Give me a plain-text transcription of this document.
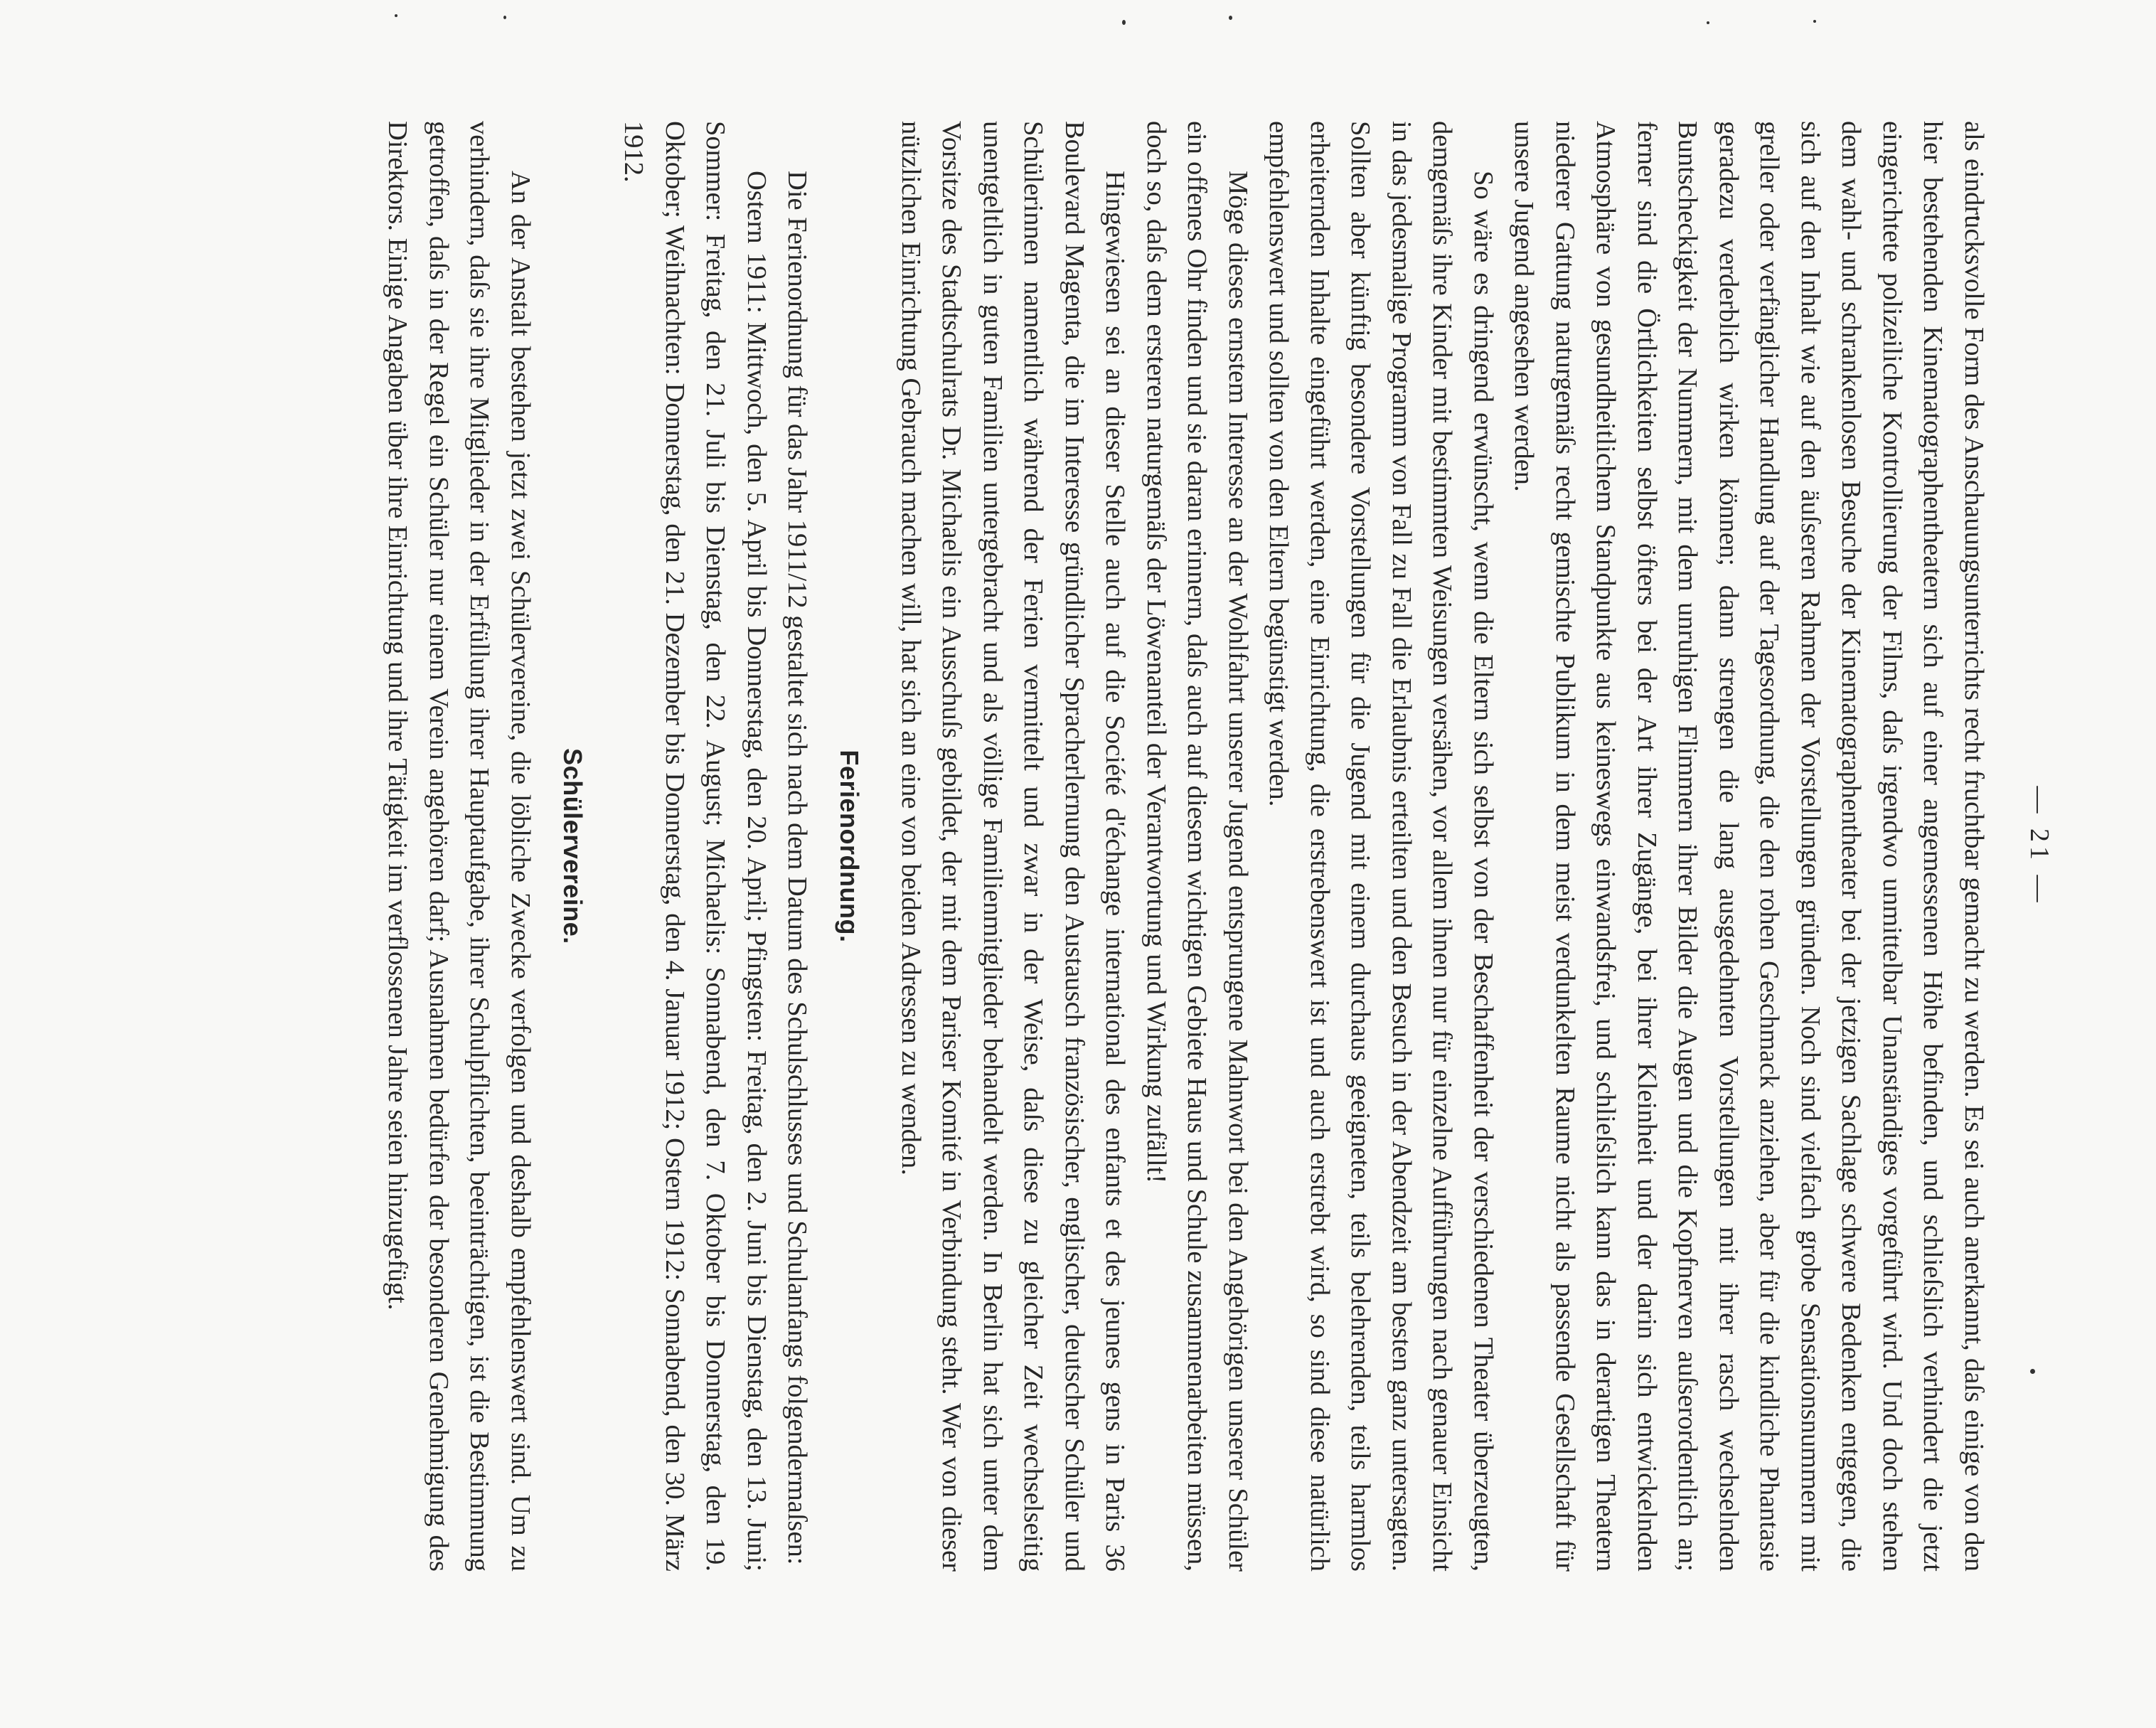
— 21 —

als eindrucksvolle Form des Anschauungsunterrichts recht fruchtbar gemacht zu werden. Es sei auch anerkannt, daſs einige von den hier bestehenden Kinematographentheatern sich auf einer angemessenen Höhe befinden, und schlieſslich verhindert die jetzt eingerichtete polizeiliche Kontrollierung der Films, daſs irgendwo unmittelbar Unanständiges vorgeführt wird. Und doch stehen dem wahl- und schrankenlosen Besuche der Kinematographentheater bei der jetzigen Sachlage schwere Bedenken entgegen, die sich auf den Inhalt wie auf den äuſseren Rahmen der Vorstellungen gründen. Noch sind vielfach grobe Sensationsnummern mit greller oder verfänglicher Handlung auf der Tagesordnung, die den rohen Geschmack anziehen, aber für die kindliche Phantasie geradezu verderblich wirken können; dann strengen die lang ausgedehnten Vorstellungen mit ihrer rasch wechselnden Buntscheckigkeit der Nummern, mit dem unruhigen Flimmern ihrer Bilder die Augen und die Kopfnerven auſserordentlich an; ferner sind die Örtlichkeiten selbst öfters bei der Art ihrer Zugänge, bei ihrer Kleinheit und der darin sich entwickelnden Atmosphäre von gesundheitlichem Standpunkte aus keineswegs einwandsfrei, und schlieſslich kann das in derartigen Theatern niederer Gattung naturgemäſs recht gemischte Publikum in dem meist verdunkelten Raume nicht als passende Gesellschaft für unsere Jugend angesehen werden.

So wäre es dringend erwünscht, wenn die Eltern sich selbst von der Beschaffenheit der verschiedenen Theater überzeugten, demgemäſs ihre Kinder mit bestimmten Weisungen versähen, vor allem ihnen nur für einzelne Aufführungen nach genauer Einsicht in das jedesmalige Programm von Fall zu Fall die Erlaubnis erteilten und den Besuch in der Abendzeit am besten ganz untersagten. Sollten aber künftig besondere Vorstellungen für die Jugend mit einem durchaus geeigneten, teils belehrenden, teils harmlos erheiternden Inhalte eingeführt werden, eine Einrichtung, die erstrebenswert ist und auch erstrebt wird, so sind diese natürlich empfehlenswert und sollten von den Eltern begünstigt werden.

Möge dieses ernstem Interesse an der Wohlfahrt unserer Jugend entsprungene Mahnwort bei den Angehörigen unserer Schüler ein offenes Ohr finden und sie daran erinnern, daſs auch auf diesem wichtigen Gebiete Haus und Schule zusammenarbeiten müssen, doch so, daſs dem ersteren naturgemäſs der Löwenanteil der Verantwortung und Wirkung zufällt!

Hingewiesen sei an dieser Stelle auch auf die Société d'échange international des enfants et des jeunes gens in Paris 36 Boulevard Magenta, die im Interesse gründlicher Spracherlernung den Austausch französischer, englischer, deutscher Schüler und Schülerinnen namentlich während der Ferien vermittelt und zwar in der Weise, daſs diese zu gleicher Zeit wechselseitig unentgeltlich in guten Familien untergebracht und als völlige Familienmitglieder behandelt werden. In Berlin hat sich unter dem Vorsitze des Stadtschulrats Dr. Michaelis ein Ausschuſs gebildet, der mit dem Pariser Komité in Verbindung steht. Wer von dieser nützlichen Einrichtung Gebrauch machen will, hat sich an eine von beiden Adressen zu wenden.

Ferienordnung.

Die Ferienordnung für das Jahr 1911/12 gestaltet sich nach dem Datum des Schulschlusses und Schulanfangs folgendermaſsen:

Ostern 1911: Mittwoch, den 5. April bis Donnerstag, den 20. April; Pfingsten: Freitag, den 2. Juni bis Dienstag, den 13. Juni; Sommer: Freitag, den 21. Juli bis Dienstag, den 22. August; Michaelis: Sonnabend, den 7. Oktober bis Donnerstag, den 19. Oktober; Weihnachten: Donnerstag, den 21. Dezember bis Donnerstag, den 4. Januar 1912; Ostern 1912: Sonnabend, den 30. März 1912.

Schülervereine.

An der Anstalt bestehen jetzt zwei Schülervereine, die löbliche Zwecke verfolgen und deshalb empfehlenswert sind. Um zu verhindern, daſs sie ihre Mitglieder in der Erfüllung ihrer Hauptaufgabe, ihrer Schulpflichten, beeinträchtigen, ist die Bestimmung getroffen, daſs in der Regel ein Schüler nur einem Verein angehören darf; Ausnahmen bedürfen der besonderen Genehmigung des Direktors. Einige Angaben über ihre Einrichtung und ihre Tätigkeit im verflossenen Jahre seien hinzugefügt.
